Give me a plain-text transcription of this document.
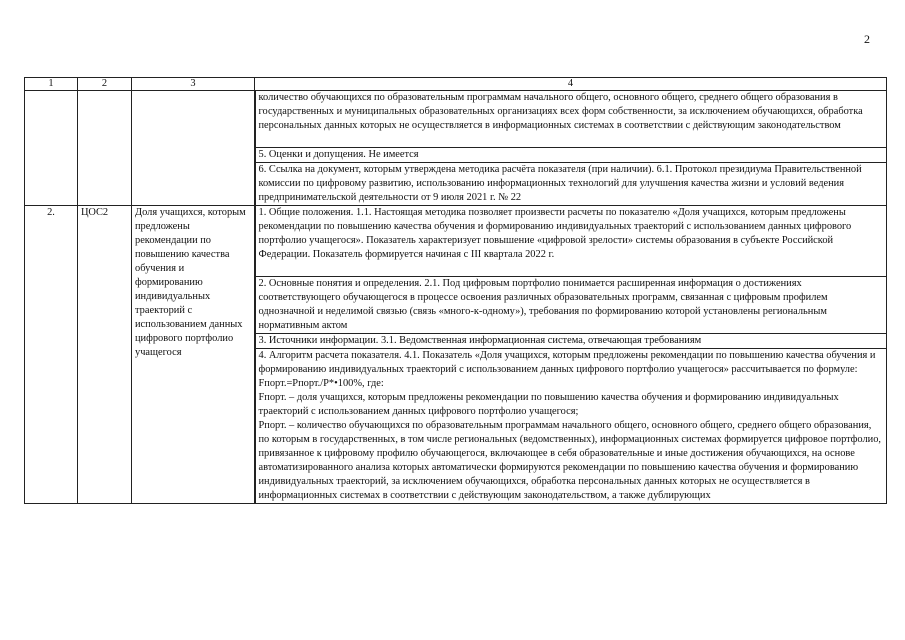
2
1	2	3	4
			количество обучающихся по образовательным программам начального общего, основного общего, среднего общего образования в государственных и муниципальных образовательных организациях всех форм собственности, за исключением обучающихся, обработка персональных данных которых не осуществляется в информационных системах в соответствии с действующим законодательством
			5. Оценки и допущения. Не имеется
			6. Ссылка на документ, которым утверждена методика расчёта показателя (при наличии). 6.1. Протокол президиума Правительственной комиссии по цифровому развитию, использованию информационных технологий для улучшения качества жизни и условий ведения предпринимательской деятельности от 9 июля 2021 г. № 22
2.	ЦОС2	Доля учащихся, которым предложены рекомендации по повышению качества обучения и формированию индивидуальных траекторий с использованием данных цифрового портфолио учащегося	1. Общие положения. 1.1. Настоящая методика позволяет произвести расчеты по показателю «Доля учащихся, которым предложены рекомендации по повышению качества обучения и формированию индивидуальных траекторий с использованием данных цифрового портфолио учащегося». Показатель характеризует повышение «цифровой зрелости» системы образования в субъекте Российской Федерации. Показатель формируется начиная с III квартала 2022 г.
			2. Основные понятия и определения. 2.1. Под цифровым портфолио понимается расширенная информация о достижениях соответствующего обучающегося в процессе освоения различных образовательных программ, связанная с цифровым профилем однозначной и неделимой связью (связь «много-к-одному»), требования по формированию которой установлены региональным нормативным актом
			3. Источники информации. 3.1. Ведомственная информационная система, отвечающая требованиям

			4. Алгоритм расчета показателя. 4.1. Показатель «Доля учащихся, которым предложены рекомендации по повышению качества обучения и формированию индивидуальных траекторий с использованием данных цифрового портфолио учащегося» рассчитывается по формуле:

Fпорт.=Pпорт./P*•100%, где:

Fпорт. – доля учащихся, которым предложены рекомендации по повышению качества обучения и формированию индивидуальных траекторий с использованием данных цифрового портфолио учащегося;

Pпорт. – количество обучающихся по образовательным программам начального общего, основного общего, среднего общего образования, по которым в государственных, в том числе региональных (ведомственных), информационных системах формируется цифровое портфолио, привязанное к цифровому профилю обучающегося, включающее в себя образовательные и иные достижения обучающихся, на основе автоматизированного анализа которых автоматически формируются рекомендации по повышению качества обучения и формированию индивидуальных траекторий, за исключением обучающихся, обработка персональных данных которых не осуществляется в информационных системах в соответствии с действующим законодательством, а также дублирующих
